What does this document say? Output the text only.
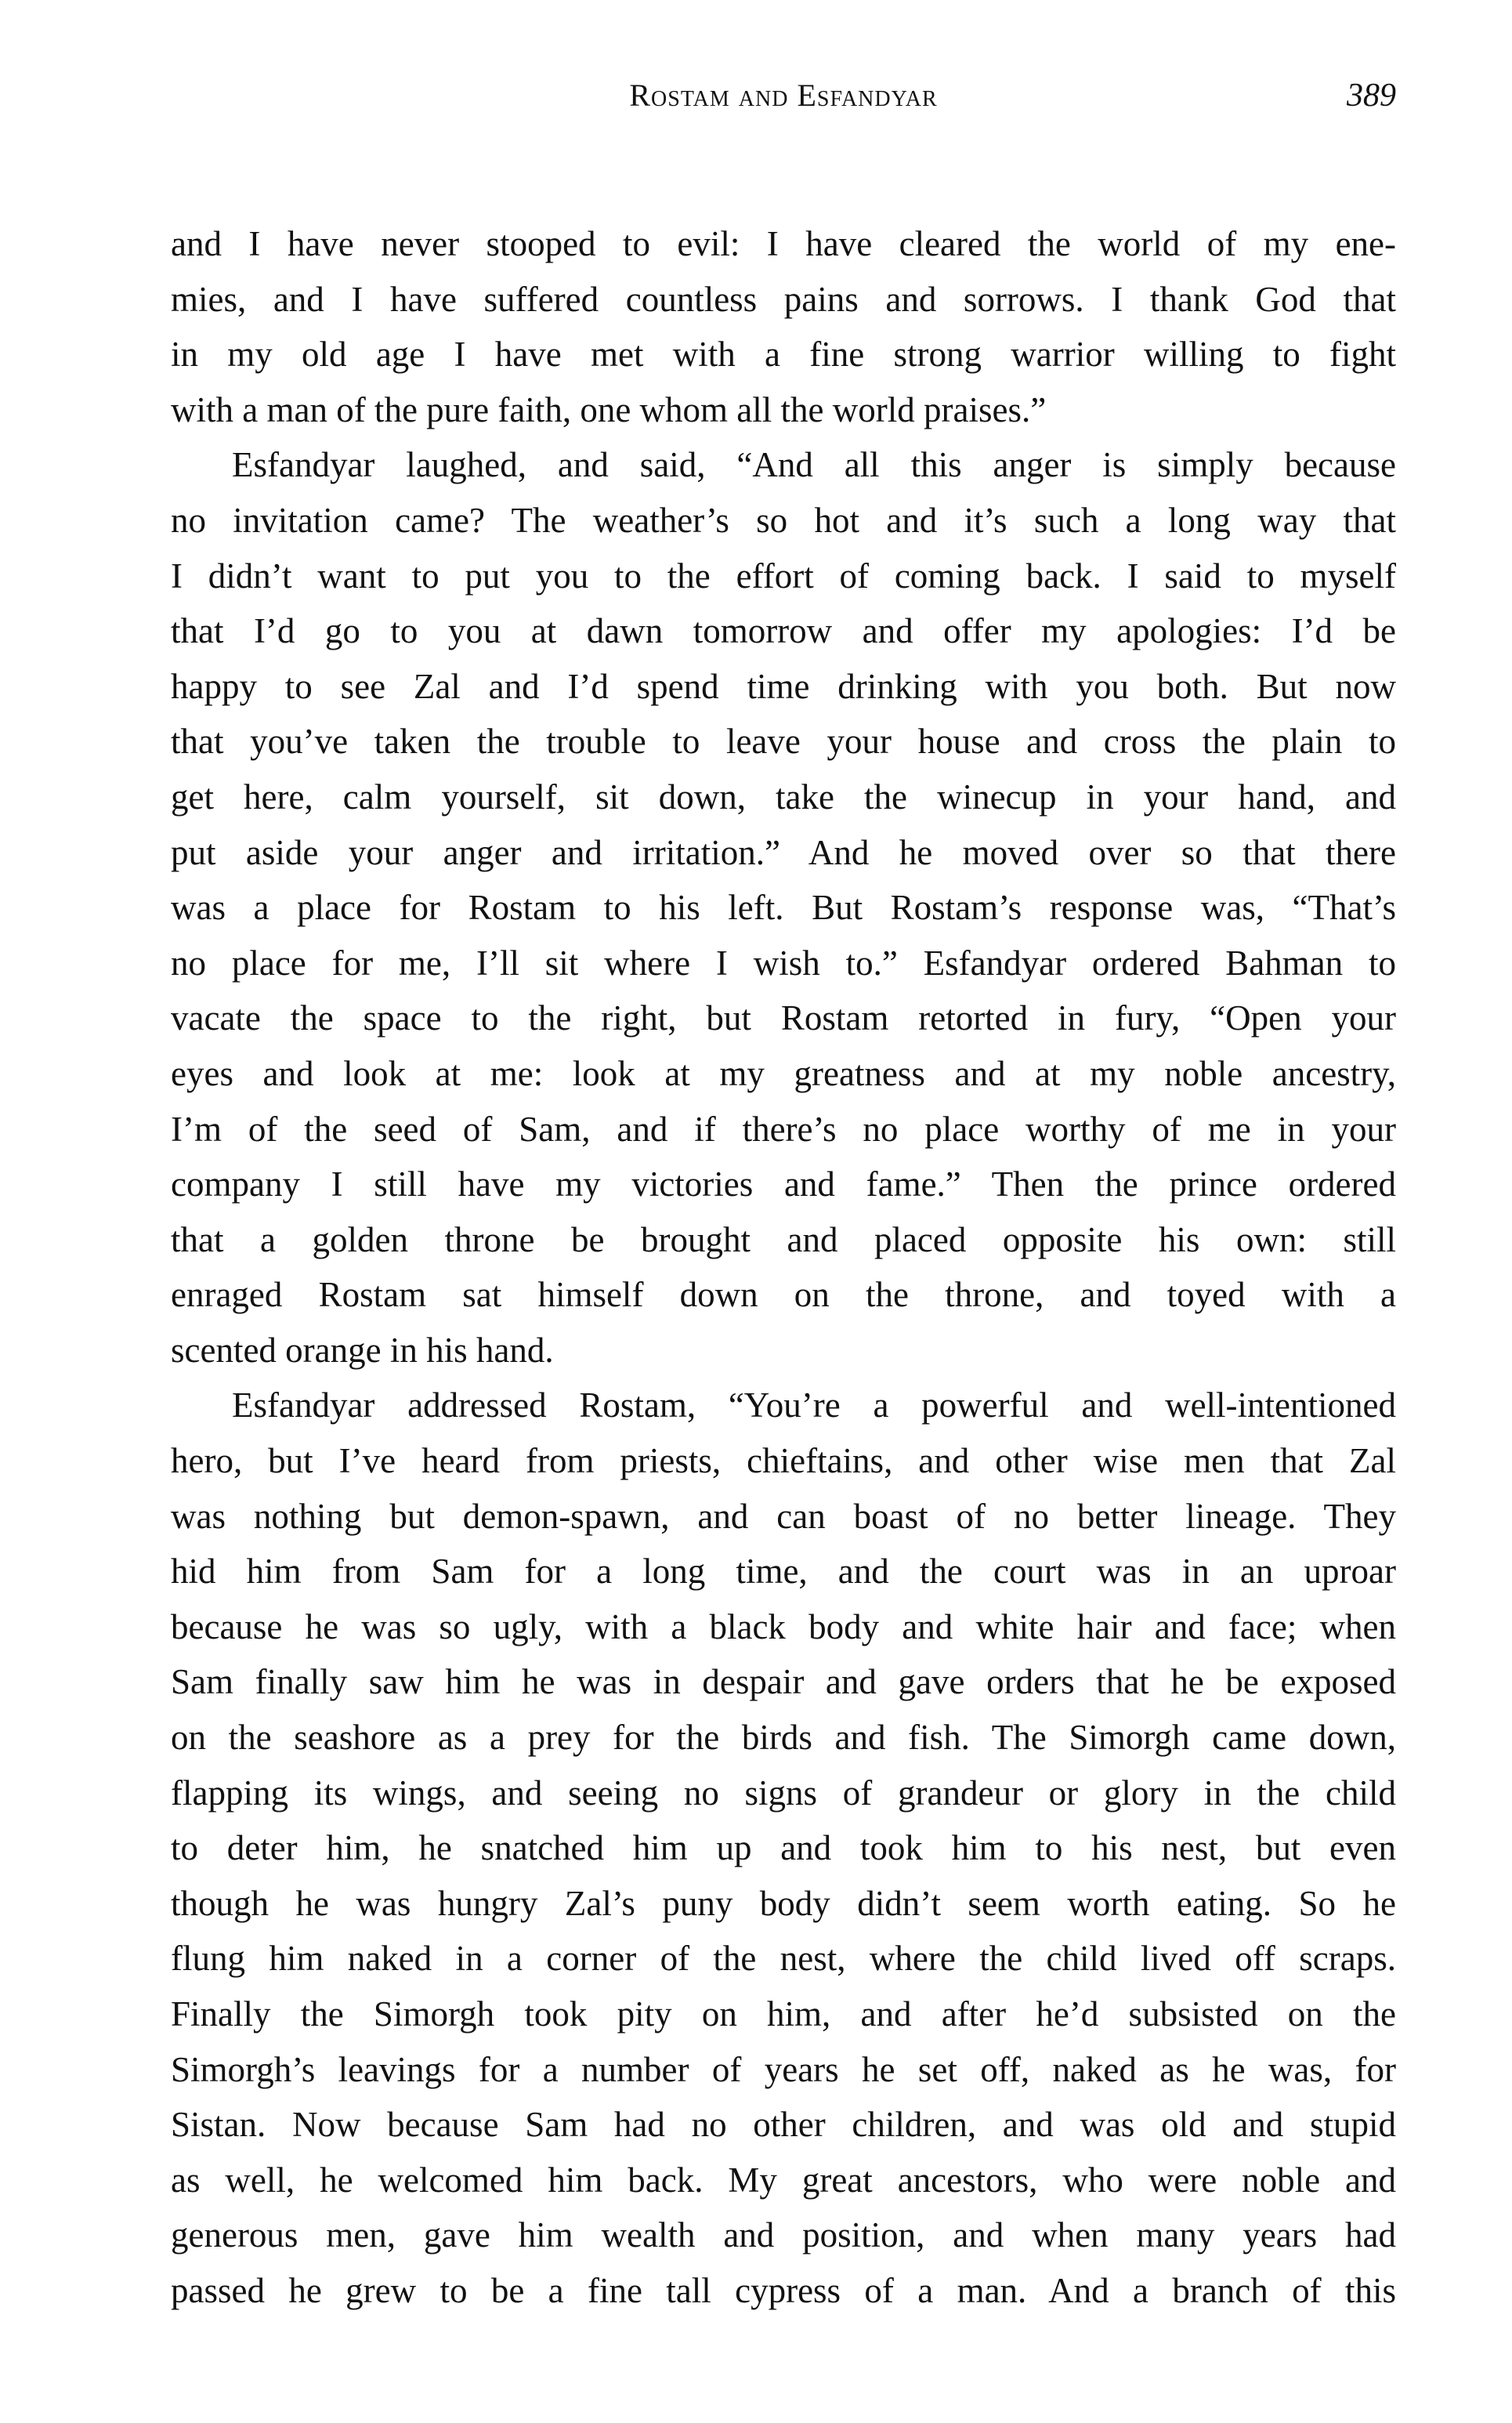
Rostam and Esfandyar	389
and I have never stooped to evil: I have cleared the world of my ene-
mies, and I have suffered countless pains and sorrows. I thank God that
in my old age I have met with a fine strong warrior willing to fight
with a man of the pure faith, one whom all the world praises.”
Esfandyar laughed, and said, “And all this anger is simply because
no invitation came? The weather’s so hot and it’s such a long way that
I didn’t want to put you to the effort of coming back. I said to myself
that I’d go to you at dawn tomorrow and offer my apologies: I’d be
happy to see Zal and I’d spend time drinking with you both. But now
that you’ve taken the trouble to leave your house and cross the plain to
get here, calm yourself, sit down, take the winecup in your hand, and
put aside your anger and irritation.” And he moved over so that there
was a place for Rostam to his left. But Rostam’s response was, “That’s
no place for me, I’ll sit where I wish to.” Esfandyar ordered Bahman to
vacate the space to the right, but Rostam retorted in fury, “Open your
eyes and look at me: look at my greatness and at my noble ancestry,
I’m of the seed of Sam, and if there’s no place worthy of me in your
company I still have my victories and fame.” Then the prince ordered
that a golden throne be brought and placed opposite his own: still
enraged Rostam sat himself down on the throne, and toyed with a
scented orange in his hand.
Esfandyar addressed Rostam, “You’re a powerful and well-intentioned
hero, but I’ve heard from priests, chieftains, and other wise men that Zal
was nothing but demon-spawn, and can boast of no better lineage. They
hid him from Sam for a long time, and the court was in an uproar
because he was so ugly, with a black body and white hair and face; when
Sam finally saw him he was in despair and gave orders that he be exposed
on the seashore as a prey for the birds and fish. The Simorgh came down,
flapping its wings, and seeing no signs of grandeur or glory in the child
to deter him, he snatched him up and took him to his nest, but even
though he was hungry Zal’s puny body didn’t seem worth eating. So he
flung him naked in a corner of the nest, where the child lived off scraps.
Finally the Simorgh took pity on him, and after he’d subsisted on the
Simorgh’s leavings for a number of years he set off, naked as he was, for
Sistan. Now because Sam had no other children, and was old and stupid
as well, he welcomed him back. My great ancestors, who were noble and
generous men, gave him wealth and position, and when many years had
passed he grew to be a fine tall cypress of a man. And a branch of this
